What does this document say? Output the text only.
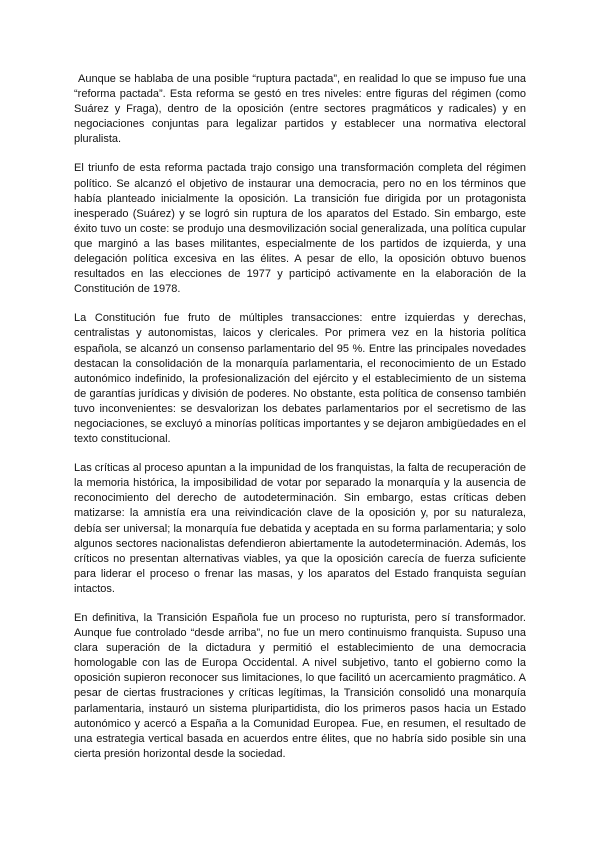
Aunque se hablaba de una posible “ruptura pactada”, en realidad lo que se impuso fue una “reforma pactada”. Esta reforma se gestó en tres niveles: entre figuras del régimen (como Suárez y Fraga), dentro de la oposición (entre sectores pragmáticos y radicales) y en negociaciones conjuntas para legalizar partidos y establecer una normativa electoral pluralista.

El triunfo de esta reforma pactada trajo consigo una transformación completa del régimen político. Se alcanzó el objetivo de instaurar una democracia, pero no en los términos que había planteado inicialmente la oposición. La transición fue dirigida por un protagonista inesperado (Suárez) y se logró sin ruptura de los aparatos del Estado. Sin embargo, este éxito tuvo un coste: se produjo una desmovilización social generalizada, una política cupular que marginó a las bases militantes, especialmente de los partidos de izquierda, y una delegación política excesiva en las élites. A pesar de ello, la oposición obtuvo buenos resultados en las elecciones de 1977 y participó activamente en la elaboración de la Constitución de 1978.

La Constitución fue fruto de múltiples transacciones: entre izquierdas y derechas, centralistas y autonomistas, laicos y clericales. Por primera vez en la historia política española, se alcanzó un consenso parlamentario del 95 %. Entre las principales novedades destacan la consolidación de la monarquía parlamentaria, el reconocimiento de un Estado autonómico indefinido, la profesionalización del ejército y el establecimiento de un sistema de garantías jurídicas y división de poderes. No obstante, esta política de consenso también tuvo inconvenientes: se desvalorizan los debates parlamentarios por el secretismo de las negociaciones, se excluyó a minorías políticas importantes y se dejaron ambigüedades en el texto constitucional.

Las críticas al proceso apuntan a la impunidad de los franquistas, la falta de recuperación de la memoria histórica, la imposibilidad de votar por separado la monarquía y la ausencia de reconocimiento del derecho de autodeterminación. Sin embargo, estas críticas deben matizarse: la amnistía era una reivindicación clave de la oposición y, por su naturaleza, debía ser universal; la monarquía fue debatida y aceptada en su forma parlamentaria; y solo algunos sectores nacionalistas defendieron abiertamente la autodeterminación. Además, los críticos no presentan alternativas viables, ya que la oposición carecía de fuerza suficiente para liderar el proceso o frenar las masas, y los aparatos del Estado franquista seguían intactos.

En definitiva, la Transición Española fue un proceso no rupturista, pero sí transformador. Aunque fue controlado “desde arriba”, no fue un mero continuismo franquista. Supuso una clara superación de la dictadura y permitió el establecimiento de una democracia homologable con las de Europa Occidental. A nivel subjetivo, tanto el gobierno como la oposición supieron reconocer sus limitaciones, lo que facilitó un acercamiento pragmático. A pesar de ciertas frustraciones y críticas legítimas, la Transición consolidó una monarquía parlamentaria, instauró un sistema pluripartidista, dio los primeros pasos hacia un Estado autonómico y acercó a España a la Comunidad Europea. Fue, en resumen, el resultado de una estrategia vertical basada en acuerdos entre élites, que no habría sido posible sin una cierta presión horizontal desde la sociedad.
